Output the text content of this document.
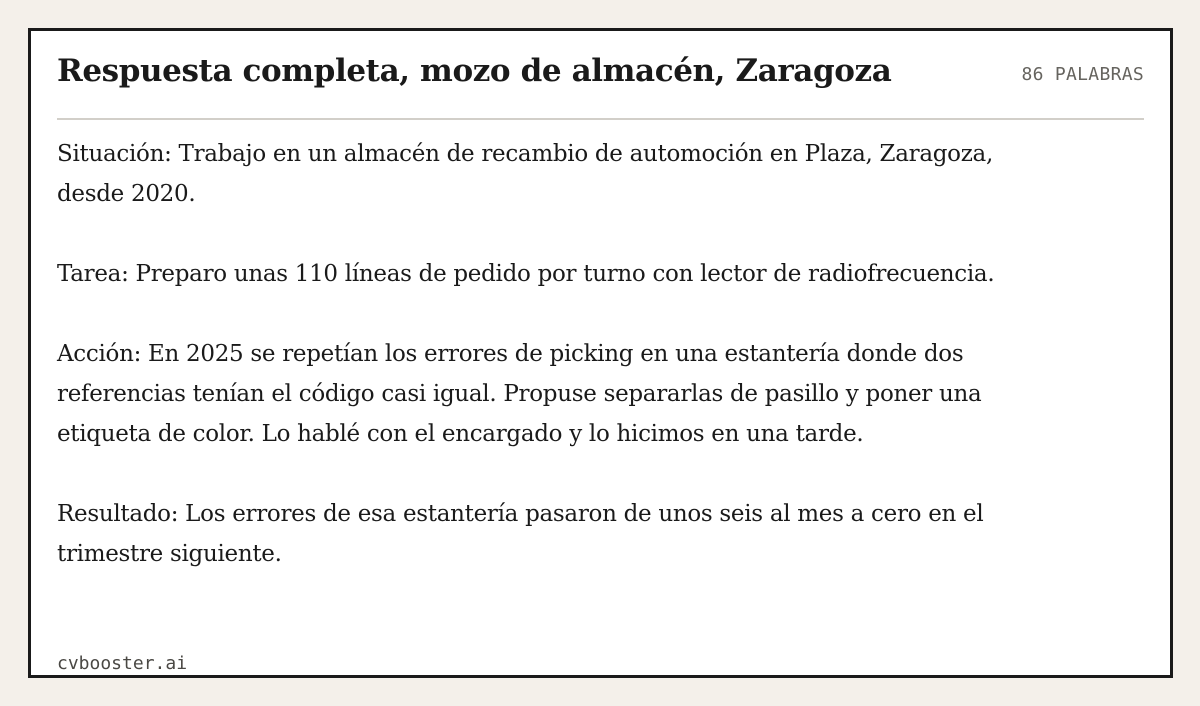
Respuesta completa, mozo de almacén, Zaragoza	86 PALABRAS

Situación: Trabajo en un almacén de recambio de automoción en Plaza, Zaragoza, desde 2020.

Tarea: Preparo unas 110 líneas de pedido por turno con lector de radiofrecuencia.

Acción: En 2025 se repetían los errores de picking en una estantería donde dos referencias tenían el código casi igual. Propuse separarlas de pasillo y poner una etiqueta de color. Lo hablé con el encargado y lo hicimos en una tarde.

Resultado: Los errores de esa estantería pasaron de unos seis al mes a cero en el trimestre siguiente.

cvbooster.ai
